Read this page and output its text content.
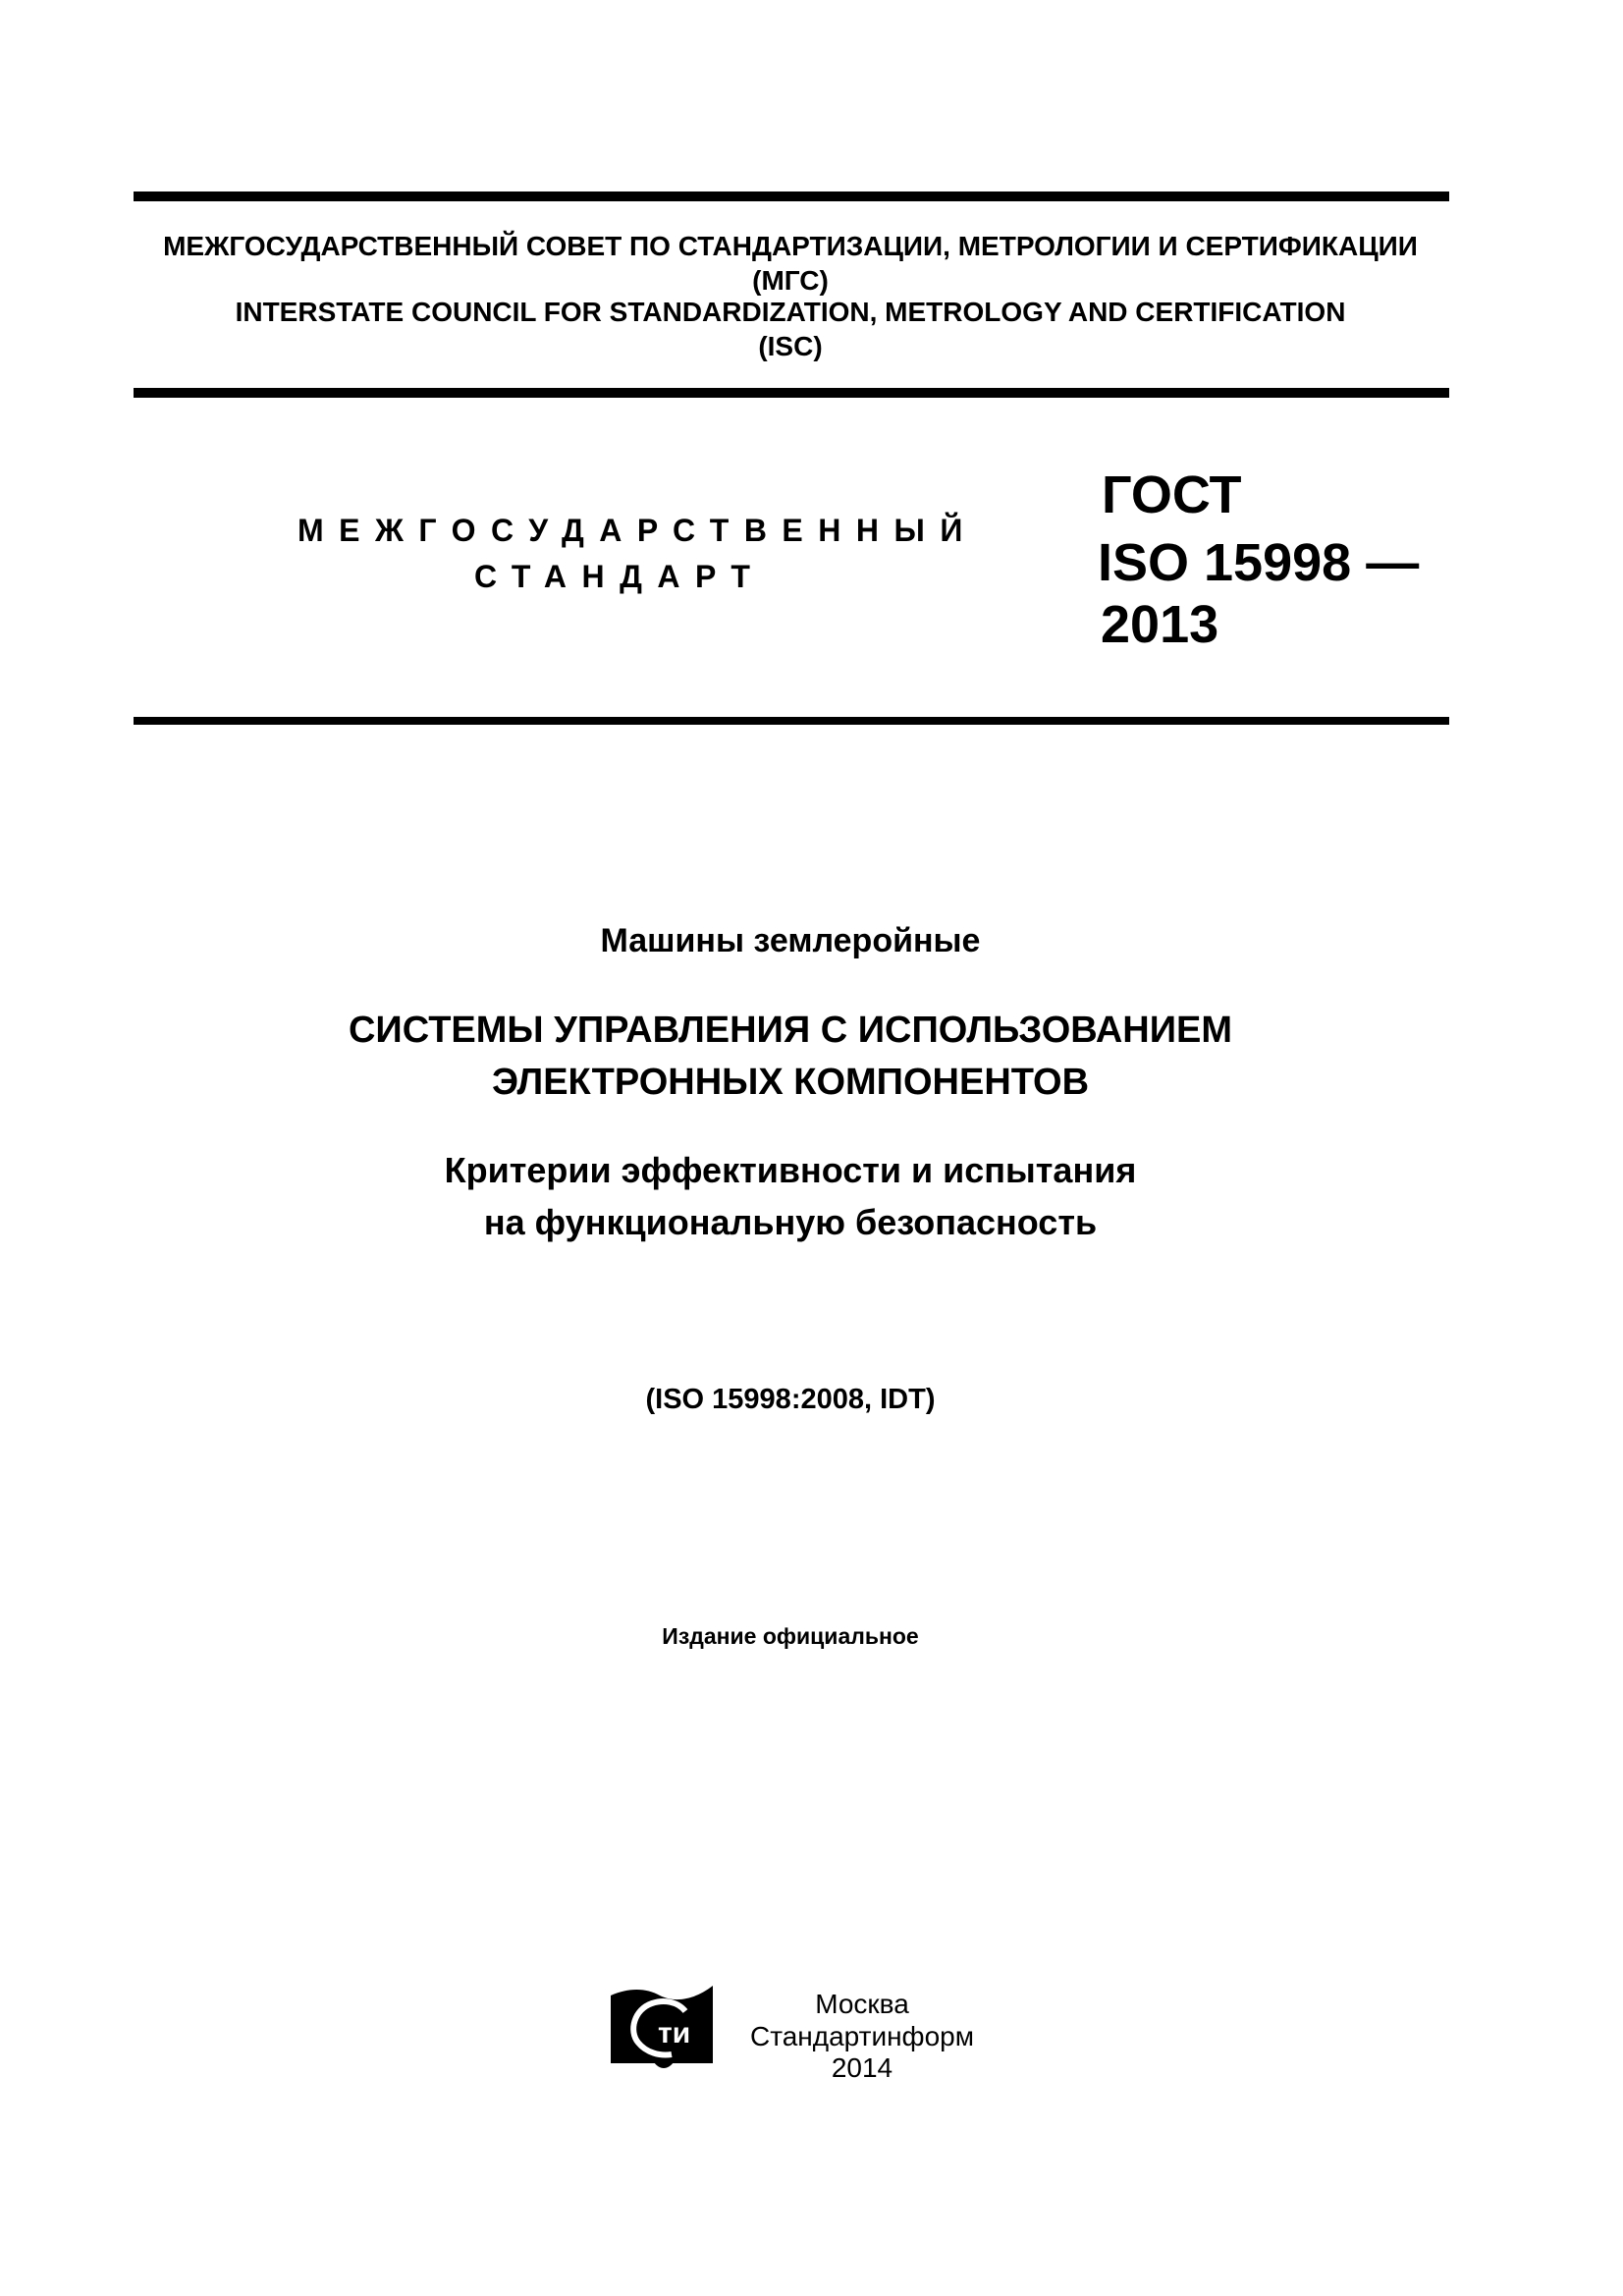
МЕЖГОСУДАРСТВЕННЫЙ СОВЕТ ПО СТАНДАРТИЗАЦИИ, МЕТРОЛОГИИ И СЕРТИФИКАЦИИ
(МГС)
INTERSTATE COUNCIL FOR STANDARDIZATION, METROLOGY AND CERTIFICATION
(ISC)
МЕЖГОСУДАРСТВЕННЫЙ
СТАНДАРТ
ГОСТ
ISO 15998 —
2013
Машины землеройные
СИСТЕМЫ УПРАВЛЕНИЯ С ИСПОЛЬЗОВАНИЕМ
ЭЛЕКТРОННЫХ КОМПОНЕНТОВ
Критерии эффективности и испытания
на функциональную безопасность
(ISO 15998:2008, IDT)
Издание официальное
ти
Москва
Стандартинформ
2014
